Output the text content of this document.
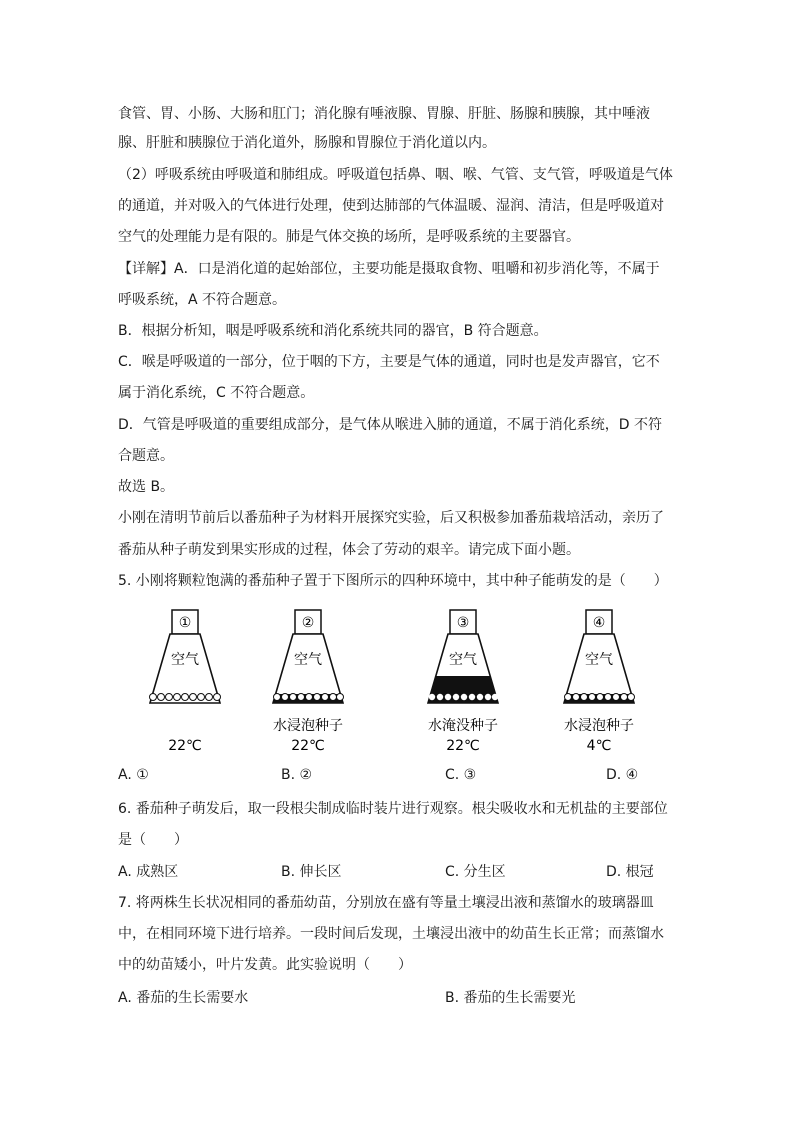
食管、胃、小肠、大肠和肛门；消化腺有唾液腺、胃腺、肝脏、肠腺和胰腺，其中唾液
腺、肝脏和胰腺位于消化道外，肠腺和胃腺位于消化道以内。
（2）呼吸系统由呼吸道和肺组成。呼吸道包括鼻、咽、喉、气管、支气管，呼吸道是气体
的通道，并对吸入的气体进行处理，使到达肺部的气体温暖、湿润、清洁，但是呼吸道对
空气的处理能力是有限的。肺是气体交换的场所，是呼吸系统的主要器官。
【详解】A．口是消化道的起始部位，主要功能是摄取食物、咀嚼和初步消化等，不属于
呼吸系统，A 不符合题意。
B．根据分析知，咽是呼吸系统和消化系统共同的器官，B 符合题意。
C．喉是呼吸道的一部分，位于咽的下方，主要是气体的通道，同时也是发声器官，它不
属于消化系统，C 不符合题意。
D．气管是呼吸道的重要组成部分，是气体从喉进入肺的通道，不属于消化系统，D 不符
合题意。
故选 B。
小刚在清明节前后以番茄种子为材料开展探究实验，后又积极参加番茄栽培活动，亲历了
番茄从种子萌发到果实形成的过程，体会了劳动的艰辛。请完成下面小题。
5. 小刚将颗粒饱满的番茄种子置于下图所示的四种环境中，其中种子能萌发的是（　　）
①
空气
22℃
②
空气
水浸泡种子
22℃
③
空气
水淹没种子
22℃
④
空气
水浸泡种子
4℃
A. ①	B. ②	C. ③	D. ④
6. 番茄种子萌发后，取一段根尖制成临时装片进行观察。根尖吸收水和无机盐的主要部位
是（　　）
A. 成熟区	B. 伸长区	C. 分生区	D. 根冠
7. 将两株生长状况相同的番茄幼苗，分别放在盛有等量土壤浸出液和蒸馏水的玻璃器皿
中，在相同环境下进行培养。一段时间后发现，土壤浸出液中的幼苗生长正常；而蒸馏水
中的幼苗矮小，叶片发黄。此实验说明（　　）
A. 番茄的生长需要水	B. 番茄的生长需要光
